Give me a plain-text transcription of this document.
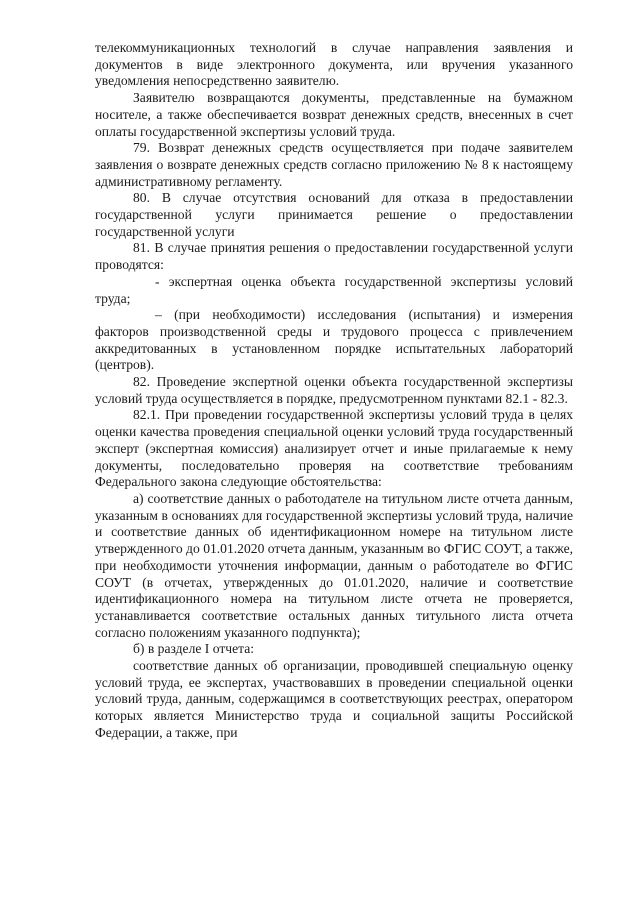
телекоммуникационных технологий в случае направления заявления и документов в виде электронного документа, или вручения указанного уведомления непосредственно заявителю.

Заявителю возвращаются документы, представленные на бумажном носителе, а также обеспечивается возврат денежных средств, внесенных в счет оплаты государственной экспертизы условий труда.

79. Возврат денежных средств осуществляется при подаче заявителем заявления о возврате денежных средств согласно приложению № 8 к настоящему административному регламенту.

80. В случае отсутствия оснований для отказа в предоставлении государственной услуги принимается решение о предоставлении государственной услуги

81. В случае принятия решения о предоставлении государственной услуги проводятся:

- экспертная оценка объекта государственной экспертизы условий труда;

– (при необходимости) исследования (испытания) и измерения факторов производственной среды и трудового процесса с привлечением аккредитованных в установленном порядке испытательных лабораторий (центров).

82. Проведение экспертной оценки объекта государственной экспертизы условий труда осуществляется в порядке, предусмотренном пунктами 82.1 - 82.3.

82.1. При проведении государственной экспертизы условий труда в целях оценки качества проведения специальной оценки условий труда государственный эксперт (экспертная комиссия) анализирует отчет и иные прилагаемые к нему документы, последовательно проверяя на соответствие требованиям Федерального закона следующие обстоятельства:

а) соответствие данных о работодателе на титульном листе отчета данным, указанным в основаниях для государственной экспертизы условий труда, наличие и соответствие данных об идентификационном номере на титульном листе утвержденного до 01.01.2020 отчета данным, указанным во ФГИС СОУТ, а также, при необходимости уточнения информации, данным о работодателе во ФГИС СОУТ (в отчетах, утвержденных до 01.01.2020, наличие и соответствие идентификационного номера на титульном листе отчета не проверяется, устанавливается соответствие остальных данных титульного листа отчета согласно положениям указанного подпункта);

б) в разделе I отчета:

соответствие данных об организации, проводившей специальную оценку условий труда, ее экспертах, участвовавших в проведении специальной оценки условий труда, данным, содержащимся в соответствующих реестрах, оператором которых является Министерство труда и социальной защиты Российской Федерации, а также, при
